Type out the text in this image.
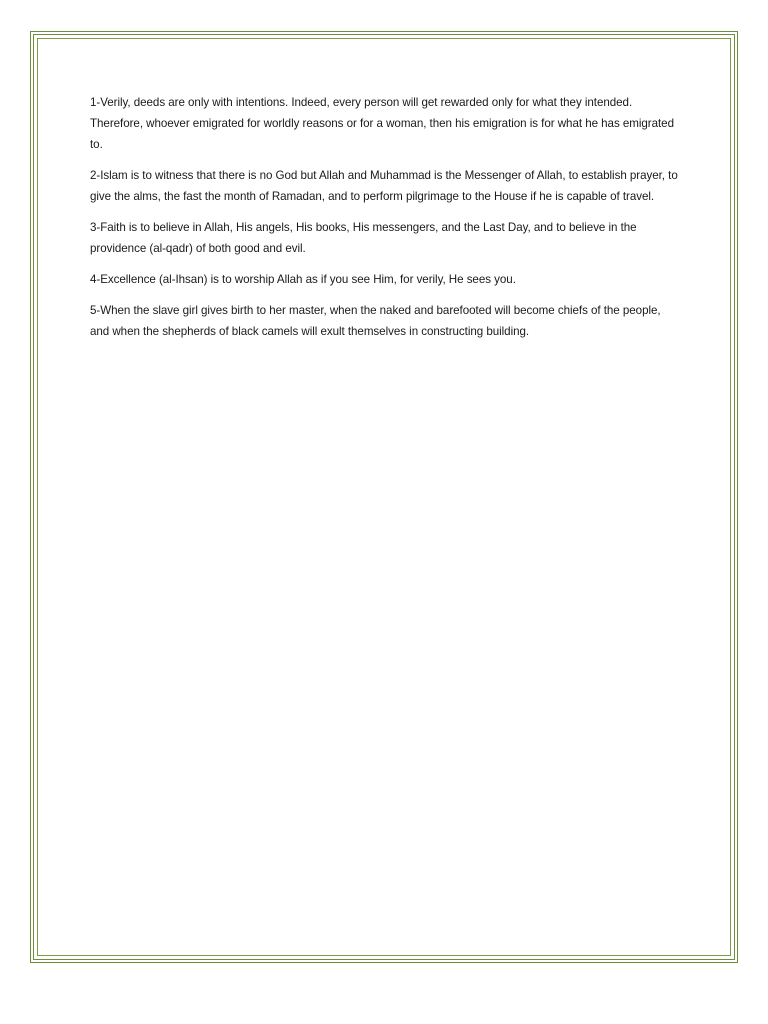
1-Verily, deeds are only with intentions. Indeed, every person will get rewarded only for what they intended. Therefore, whoever emigrated for worldly reasons or for a woman, then his emigration is for what he has emigrated to.

2-Islam is to witness that there is no God but Allah and Muhammad is the Messenger of Allah, to establish prayer, to give the alms, the fast the month of Ramadan, and to perform pilgrimage to the House if he is capable of travel.

3-Faith is to believe in Allah, His angels, His books, His messengers, and the Last Day, and to believe in the providence (al-qadr) of both good and evil.

4-Excellence (al-Ihsan) is to worship Allah as if you see Him, for verily, He sees you.

5-When the slave girl gives birth to her master, when the naked and barefooted will become chiefs of the people, and when the shepherds of black camels will exult themselves in constructing building.
